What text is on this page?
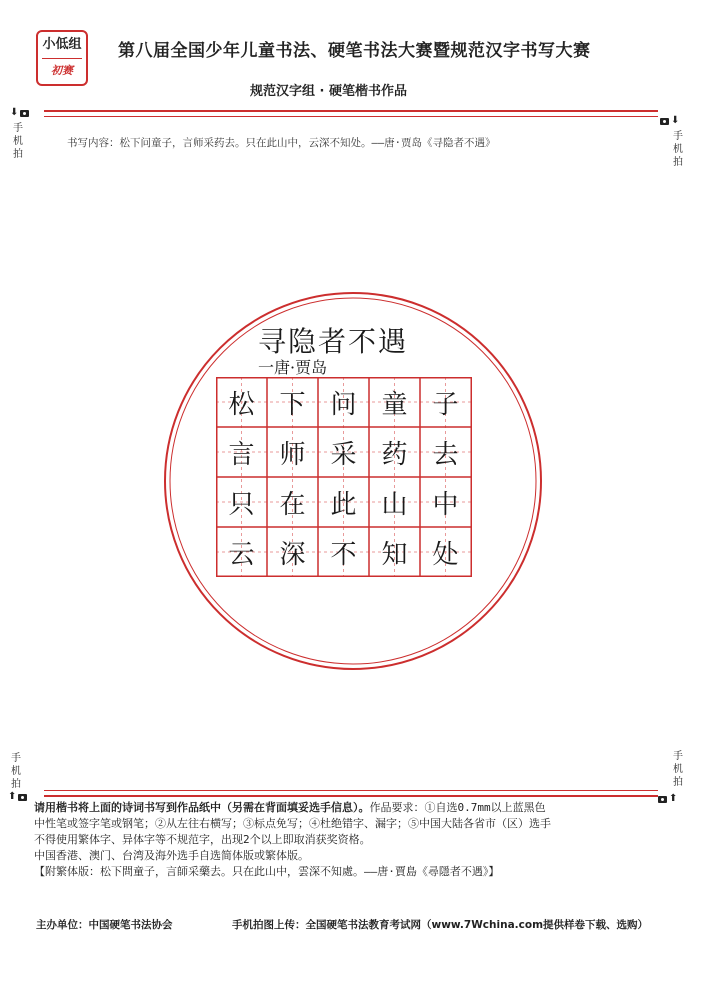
小低组
初赛
第八届全国少年儿童书法、硬笔书法大赛暨规范汉字书写大赛
规范汉字组 · 硬笔楷书作品
⬇
手
机
拍
⬇
手
机
拍
书写内容：松下问童子，言师采药去。只在此山中，云深不知处。——唐·贾岛《寻隐者不遇》
寻隐者不遇
一唐·贾岛
松 下 问 童 子
言 师 采 药 去
只 在 此 山 中
云 深 不 知 处
手
机
拍
⬆
手
机
拍
⬆

请用楷书将上面的诗词书写到作品纸中（另需在背面填妥选手信息）。作品要求：①自选0.7mm以上蓝黑色

中性笔或签字笔或钢笔；②从左往右横写；③标点免写；④杜绝错字、漏字；⑤中国大陆各省市（区）选手

不得使用繁体字、异体字等不规范字，出现2个以上即取消获奖资格。

中国香港、澳门、台湾及海外选手自选简体版或繁体版。

【附繁体版：松下問童子，言師采藥去。只在此山中，雲深不知處。——唐·賈島《尋隱者不遇》】

主办单位：中国硬笔书法协会	手机拍图上传：全国硬笔书法教育考试网（www.7Wchina.com提供样卷下载、选购）
